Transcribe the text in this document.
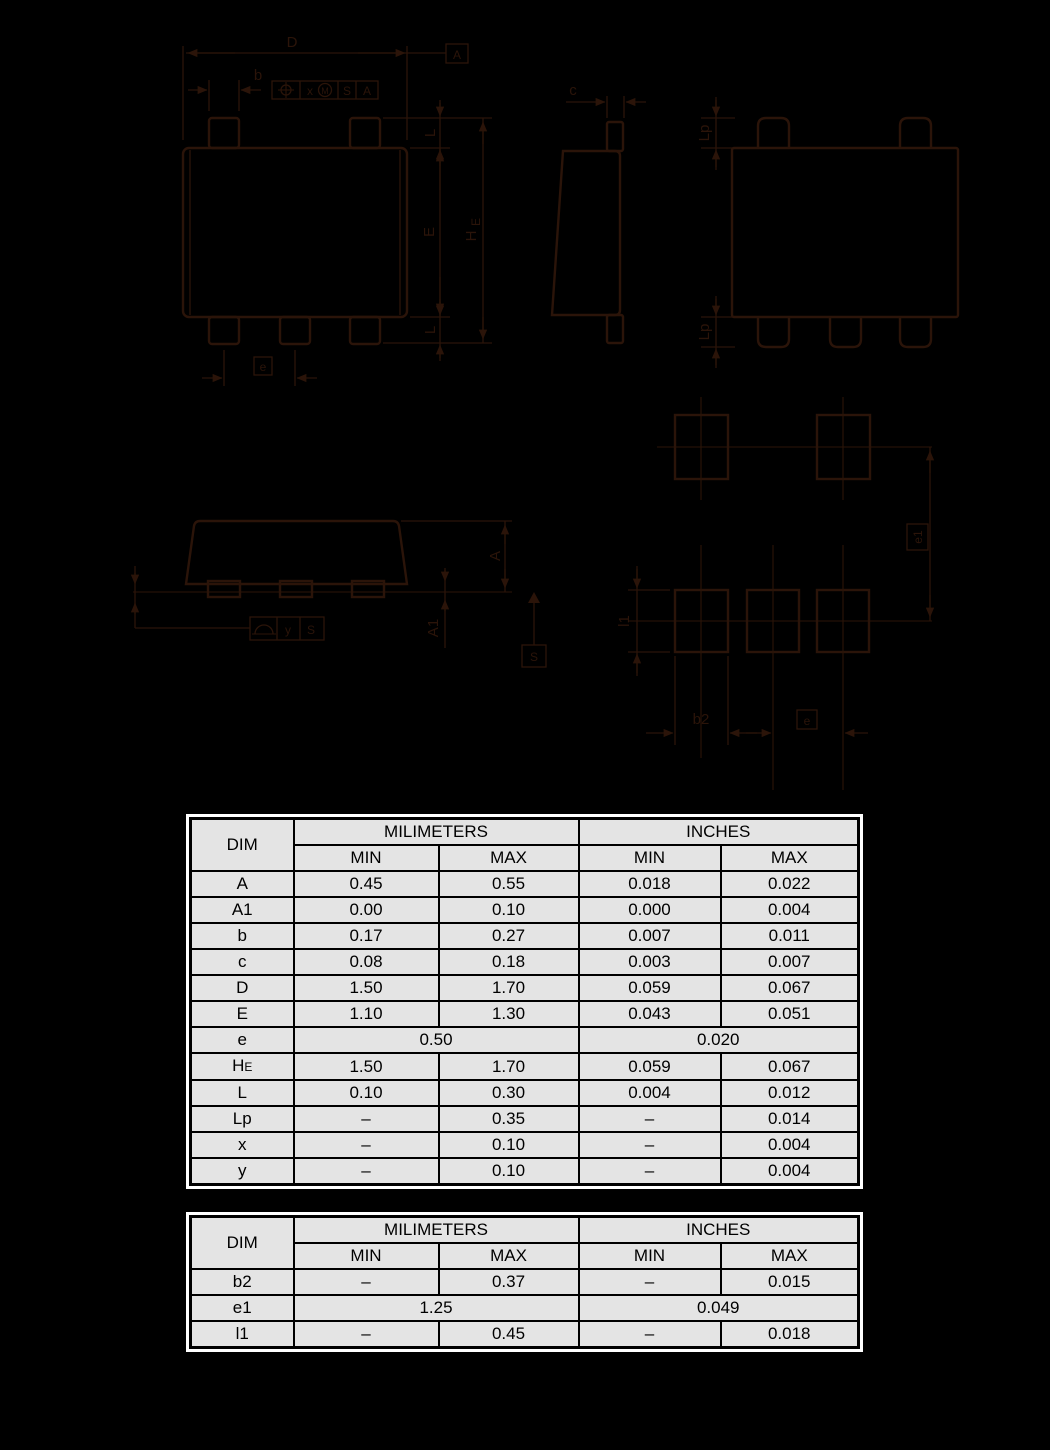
D
A
b
x M S A
L
E
L
H
E
e
c
Lp
Lp
A
A1
y S
S
l1
b2	e
e1
DIM	MILIMETERS		INCHES	
	MIN	MAX	MIN	MAX
A	0.45	0.55	0.018	0.022
A1	0.00	0.10	0.000	0.004
b	0.17	0.27	0.007	0.011
c	0.08	0.18	0.003	0.007
D	1.50	1.70	0.059	0.067
E	1.10	1.30	0.043	0.051
e	0.50		0.020	
HE	1.50	1.70	0.059	0.067
L	0.10	0.30	0.004	0.012
Lp	–	0.35	–	0.014
x	–	0.10	–	0.004
y	–	0.10	–	0.004
DIM	MILIMETERS		INCHES	
	MIN	MAX	MIN	MAX
b2	–	0.37	–	0.015
e1	1.25		0.049	
l1	–	0.45	–	0.018
